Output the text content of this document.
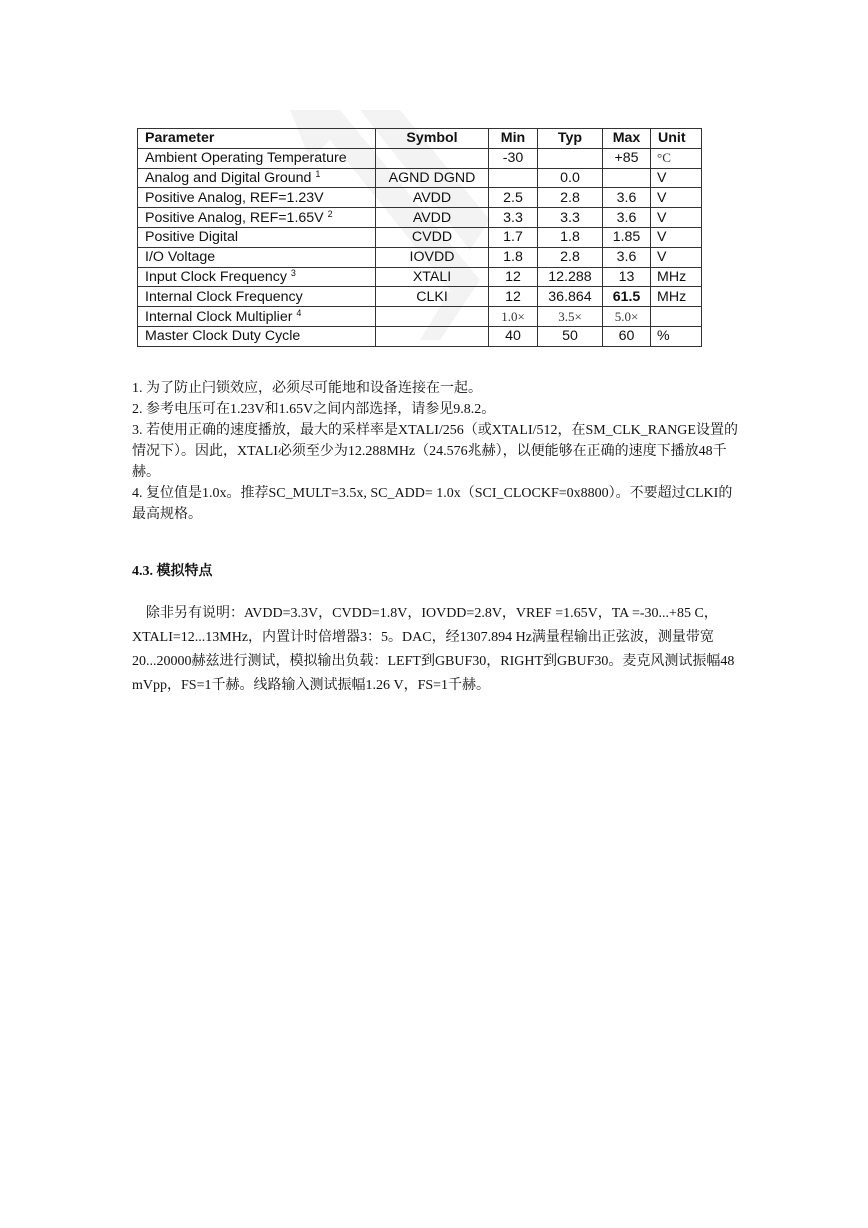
Parameter	Symbol	Min	Typ	Max	Unit
Ambient Operating Temperature		-30		+85	°C
Analog and Digital Ground $^1$	AGND DGND		0.0		V
Positive Analog, REF=1.23V	AVDD	2.5	2.8	3.6	V
Positive Analog, REF=1.65V $^2$	AVDD	3.3	3.3	3.6	V
Positive Digital	CVDD	1.7	1.8	1.85	V
I/O Voltage	IOVDD	1.8	2.8	3.6	V
Input Clock Frequency $^3$	XTALI	12	12.288	13	MHz
Internal Clock Frequency	CLKI	12	36.864	61.5	MHz
Internal Clock Multiplier $^4$		1.0×	3.5×	5.0×	
Master Clock Duty Cycle		40	50	60	%

1. 为了防止闩锁效应，必须尽可能地和设备连接在一起。

2. 参考电压可在1.23V和1.65V之间内部选择，请参见9.8.2。

3. 若使用正确的速度播放，最大的采样率是XTALI/256（或XTALI/512，在SM_CLK_RANGE设置的情况下）。因此，XTALI必须至少为12.288MHz（24.576兆赫），以便能够在正确的速度下播放48千赫。

4. 复位值是1.0x。推荐SC_MULT=3.5x, SC_ADD= 1.0x（SCI_CLOCKF=0x8800）。不要超过CLKI的最高规格。

4.3. 模拟特点
除非另有说明：AVDD=3.3V，CVDD=1.8V，IOVDD=2.8V，VREF =1.65V，TA =-30...+85 C，XTALI=12...13MHz，内置计时倍增器3：5。DAC，经1307.894 Hz满量程输出正弦波，测量带宽20...20000赫兹进行测试，模拟输出负载：LEFT到GBUF30，RIGHT到GBUF30。麦克风测试振幅48 mVpp，FS=1千赫。线路输入测试振幅1.26 V，FS=1千赫。
